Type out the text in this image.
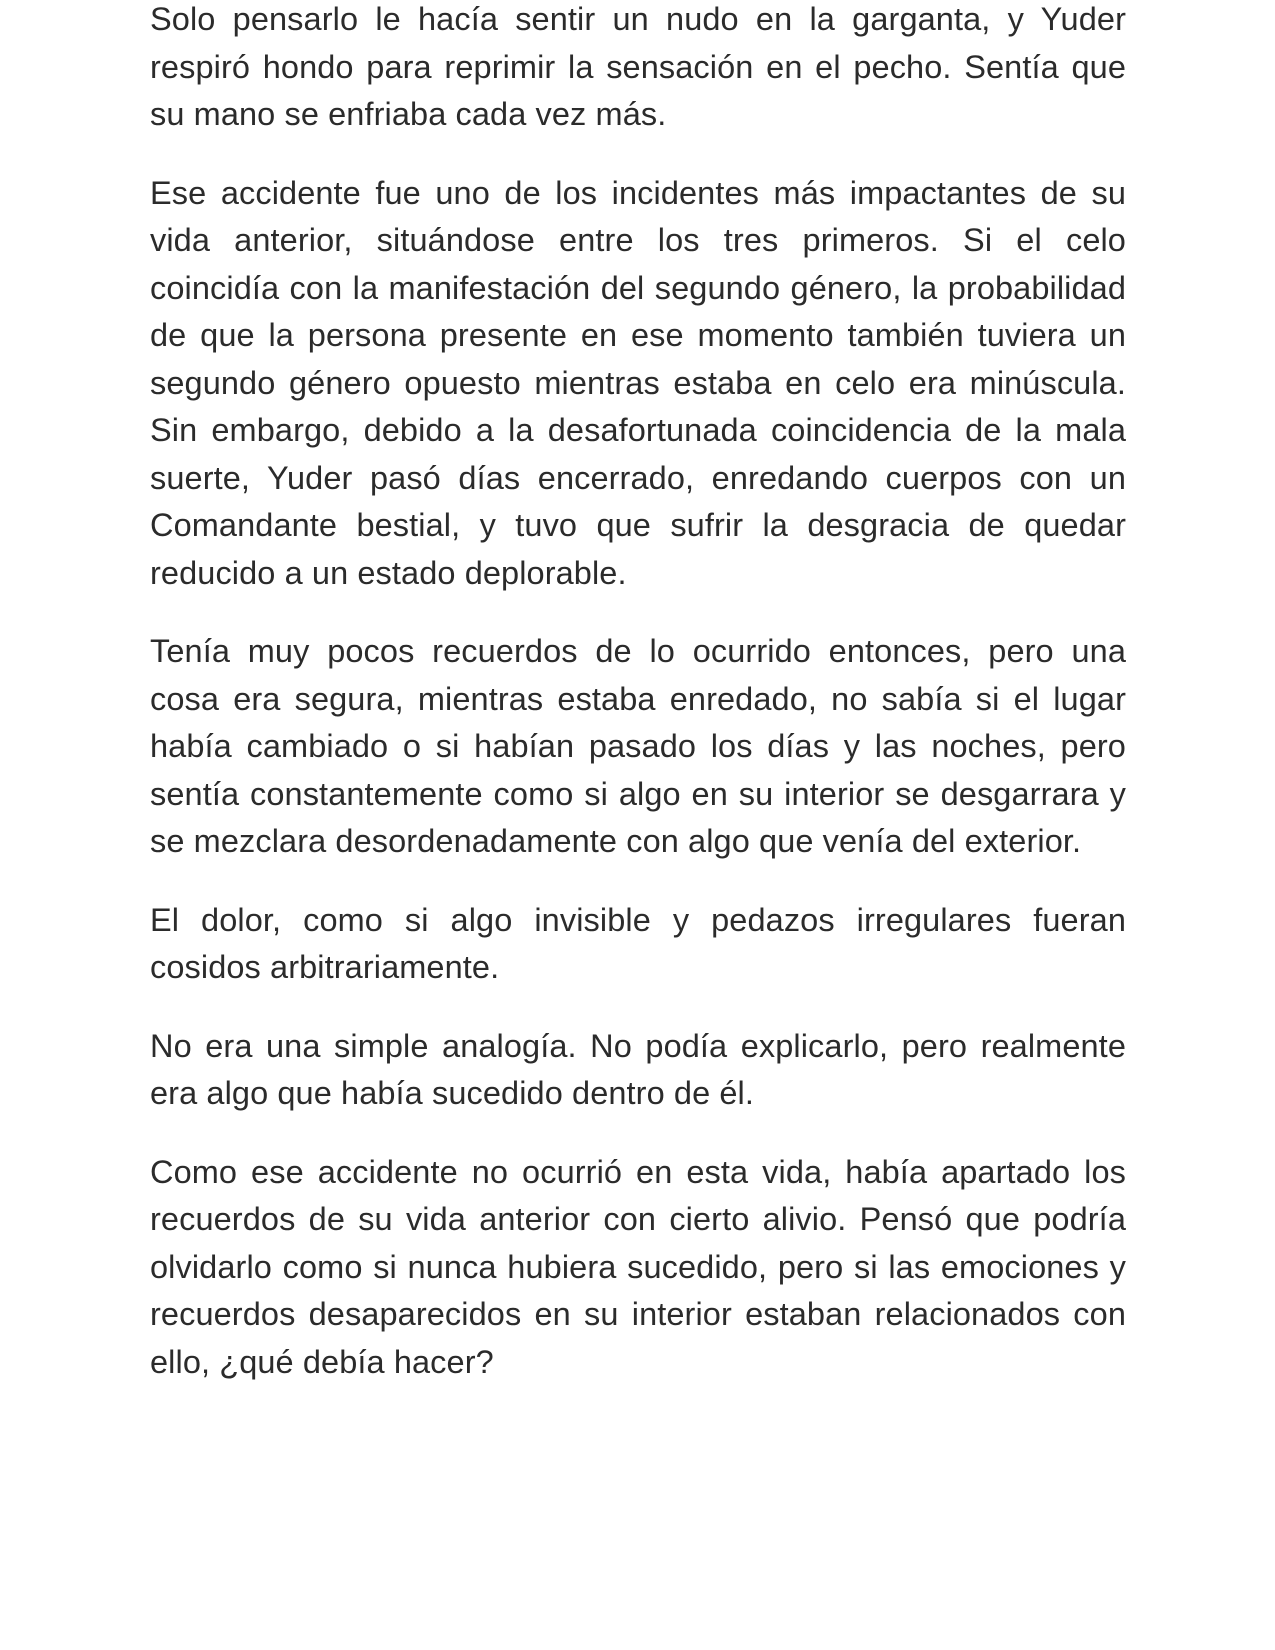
Solo pensarlo le hacía sentir un nudo en la garganta, y Yuder respiró hondo para reprimir la sensación en el pecho. Sentía que su mano se enfriaba cada vez más.

Ese accidente fue uno de los incidentes más impactantes de su vida anterior, situándose entre los tres primeros. Si el celo coincidía con la manifestación del segundo género, la probabilidad de que la persona presente en ese momento también tuviera un segundo género opuesto mientras estaba en celo era minúscula. Sin embargo, debido a la desafortunada coincidencia de la mala suerte, Yuder pasó días encerrado, enredando cuerpos con un Comandante bestial, y tuvo que sufrir la desgracia de quedar reducido a un estado deplorable.

Tenía muy pocos recuerdos de lo ocurrido entonces, pero una cosa era segura, mientras estaba enredado, no sabía si el lugar había cambiado o si habían pasado los días y las noches, pero sentía constantemente como si algo en su interior se desgarrara y se mezclara desordenadamente con algo que venía del exterior.

El dolor, como si algo invisible y pedazos irregulares fueran cosidos arbitrariamente.

No era una simple analogía. No podía explicarlo, pero realmente era algo que había sucedido dentro de él.

Como ese accidente no ocurrió en esta vida, había apartado los recuerdos de su vida anterior con cierto alivio. Pensó que podría olvidarlo como si nunca hubiera sucedido, pero si las emociones y recuerdos desaparecidos en su interior estaban relacionados con ello, ¿qué debía hacer?
